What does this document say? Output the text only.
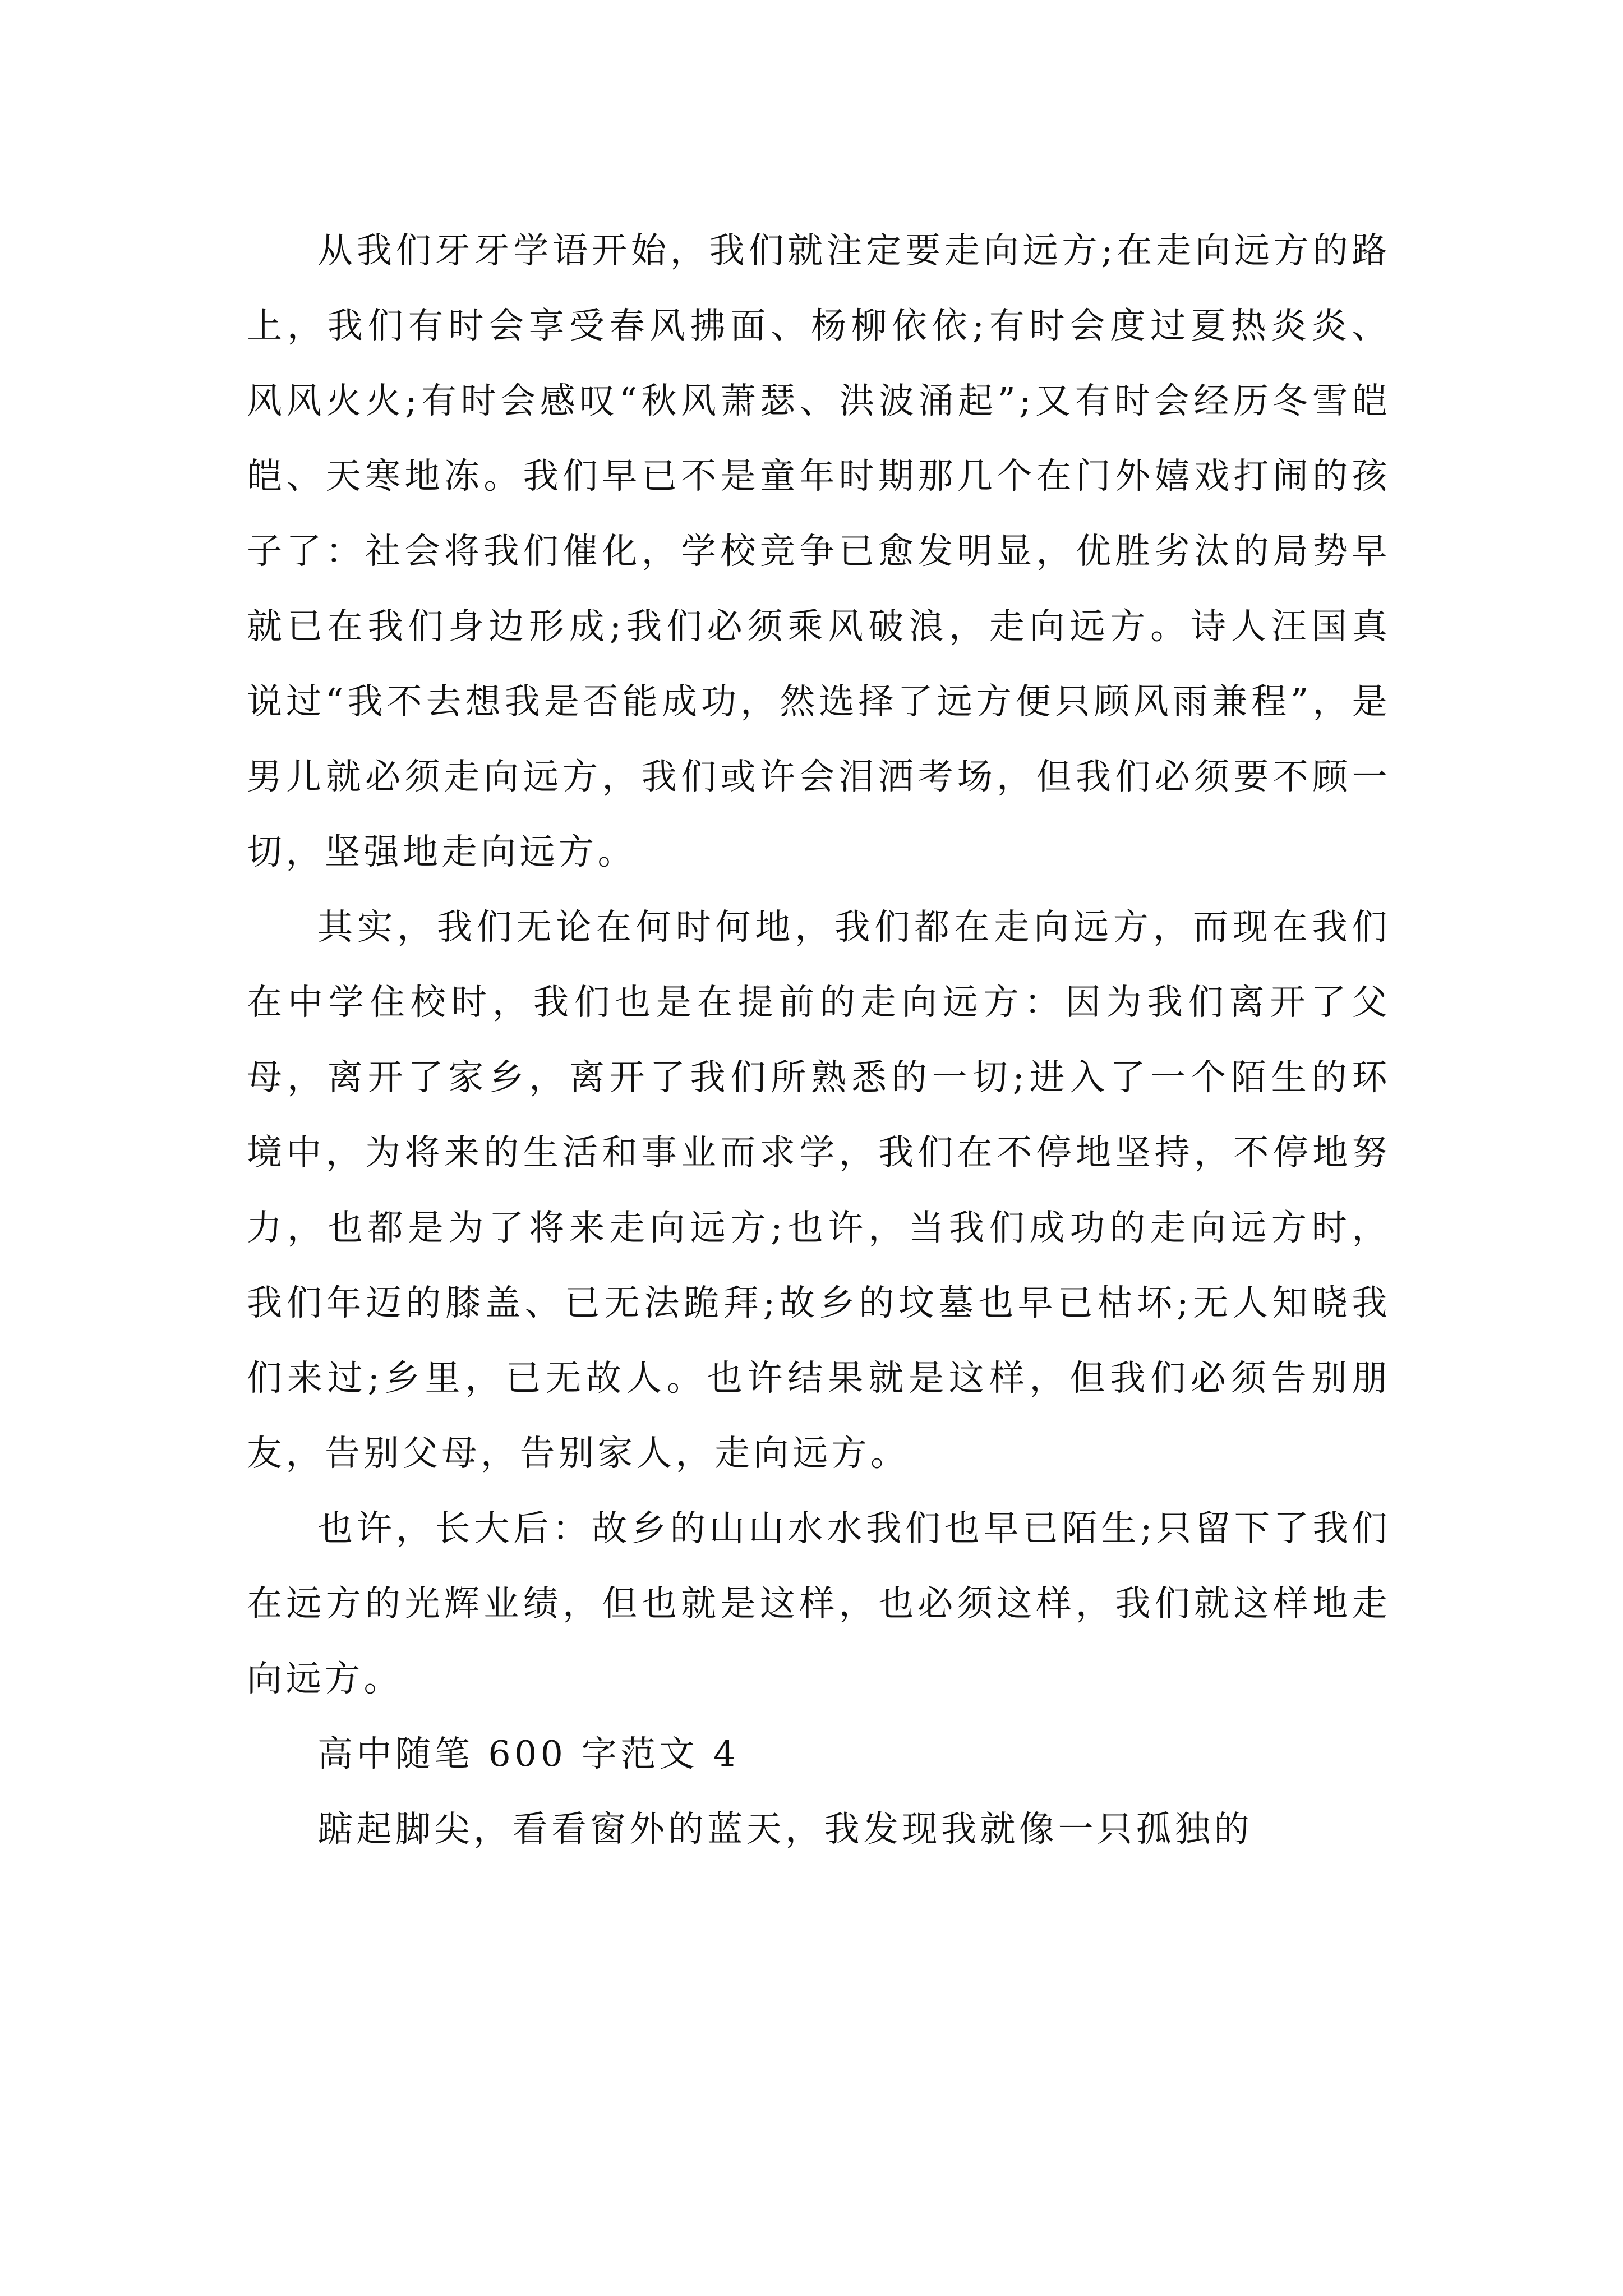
从我们牙牙学语开始，我们就注定要走向远方;在走向远方的路上，我们有时会享受春风拂面、杨柳依依;有时会度过夏热炎炎、风风火火;有时会感叹“秋风萧瑟、洪波涌起”;又有时会经历冬雪皑皑、天寒地冻。我们早已不是童年时期那几个在门外嬉戏打闹的孩子了：社会将我们催化，学校竞争已愈发明显，优胜劣汰的局势早就已在我们身边形成;我们必须乘风破浪，走向远方。诗人汪国真说过“我不去想我是否能成功，然选择了远方便只顾风雨兼程”，是男儿就必须走向远方，我们或许会泪洒考场，但我们必须要不顾一切，坚强地走向远方。

其实，我们无论在何时何地，我们都在走向远方，而现在我们在中学住校时，我们也是在提前的走向远方：因为我们离开了父母，离开了家乡，离开了我们所熟悉的一切;进入了一个陌生的环境中，为将来的生活和事业而求学，我们在不停地坚持，不停地努力，也都是为了将来走向远方;也许，当我们成功的走向远方时，我们年迈的膝盖、已无法跪拜;故乡的坟墓也早已枯坏;无人知晓我们来过;乡里，已无故人。也许结果就是这样，但我们必须告别朋友，告别父母，告别家人，走向远方。

也许，长大后：故乡的山山水水我们也早已陌生;只留下了我们在远方的光辉业绩，但也就是这样，也必须这样，我们就这样地走向远方。

高中随笔 600 字范文 4

踮起脚尖，看看窗外的蓝天，我发现我就像一只孤独的
